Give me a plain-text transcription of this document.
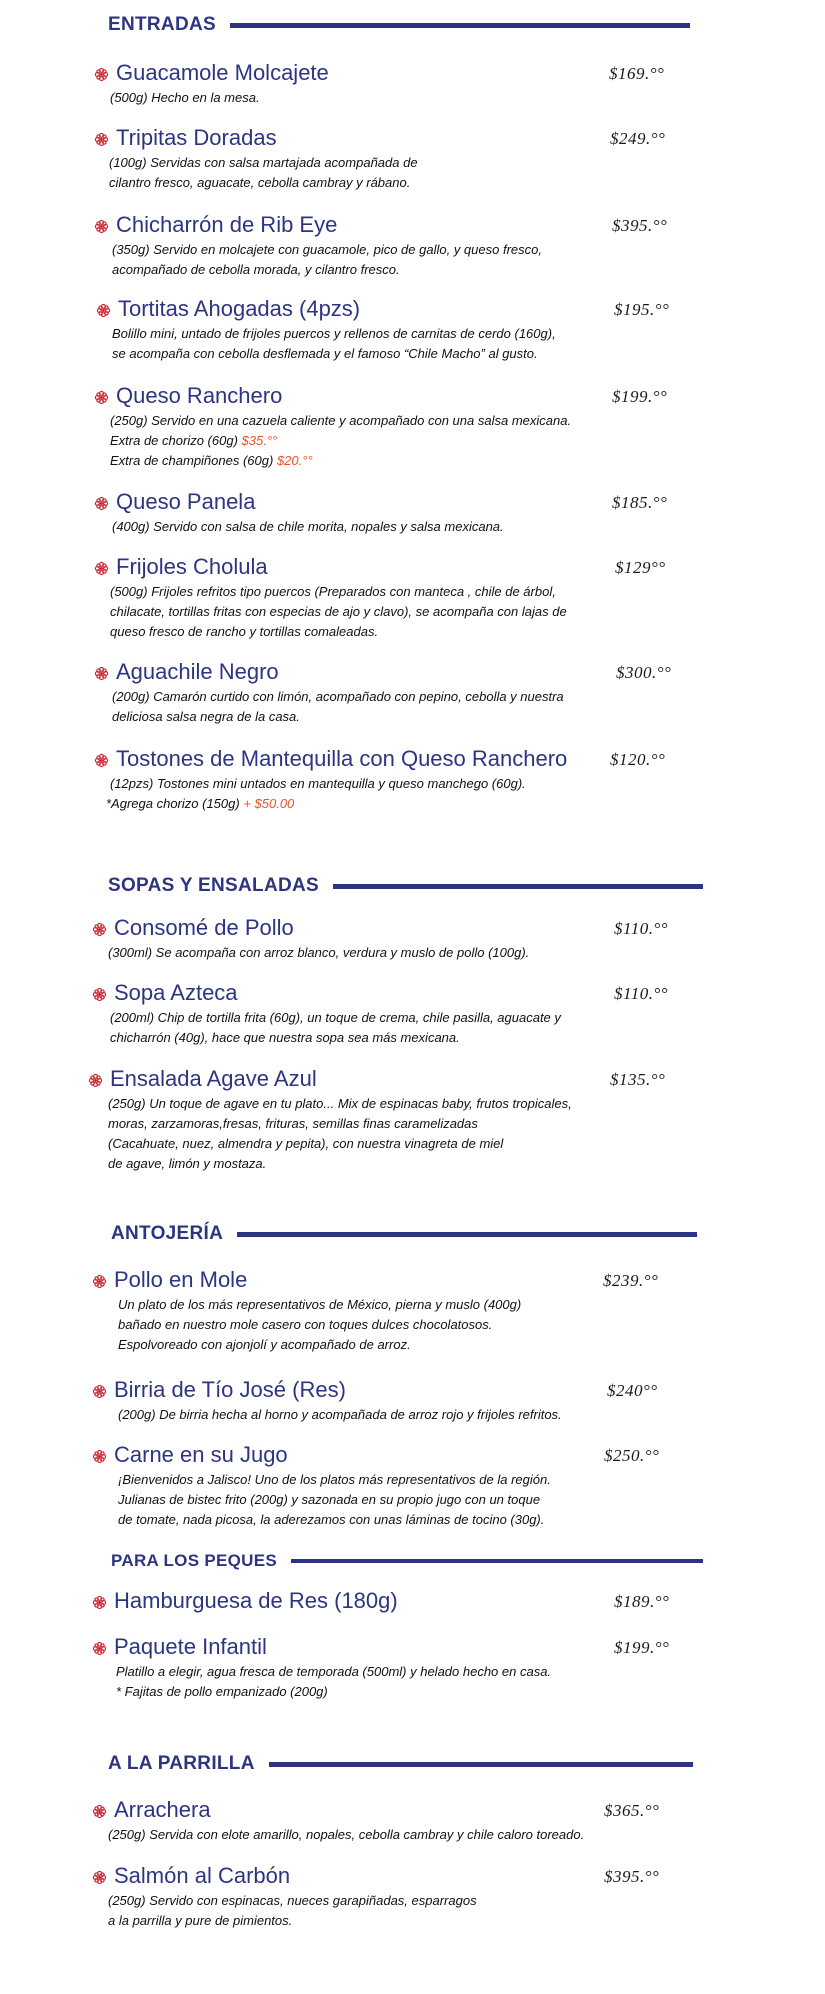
ENTRADAS
Guacamole Molcajete	$169.°°
(500g) Hecho en la mesa.
Tripitas Doradas	$249.°°
(100g) Servidas con salsa martajada acompañada de
cilantro fresco, aguacate, cebolla cambray y rábano.
Chicharrón de Rib Eye	$395.°°
(350g) Servido en molcajete con guacamole, pico de gallo, y queso fresco,
acompañado de cebolla morada, y cilantro fresco.
Tortitas Ahogadas (4pzs)	$195.°°
Bolillo mini, untado de frijoles puercos y rellenos de carnitas de cerdo (160g),
se acompaña con cebolla desflemada y el famoso “Chile Macho” al gusto.
Queso Ranchero	$199.°°
(250g) Servido en una cazuela caliente y acompañado con una salsa mexicana.
Extra de chorizo (60g) $35.°°
Extra de champiñones (60g) $20.°°
Queso Panela	$185.°°
(400g) Servido con salsa de chile morita, nopales y salsa mexicana.
Frijoles Cholula	$129°°
(500g) Frijoles refritos tipo puercos (Preparados con manteca , chile de árbol,
chilacate, tortillas fritas con especias de ajo y clavo), se acompaña con lajas de
queso fresco de rancho y tortillas comaleadas.
Aguachile Negro	$300.°°
(200g) Camarón curtido con limón, acompañado con pepino, cebolla y nuestra
deliciosa salsa negra de la casa.
Tostones de Mantequilla con Queso Ranchero	$120.°°
(12pzs) Tostones mini untados en mantequilla y queso manchego (60g).
*Agrega chorizo (150g) + $50.00
SOPAS Y ENSALADAS
Consomé de Pollo	$110.°°
(300ml) Se acompaña con arroz blanco, verdura y muslo de pollo (100g).
Sopa Azteca	$110.°°
(200ml) Chip de tortilla frita (60g), un toque de crema, chile pasilla, aguacate y
chicharrón (40g), hace que nuestra sopa sea más mexicana.
Ensalada Agave Azul	$135.°°
(250g) Un toque de agave en tu plato... Mix de espinacas baby, frutos tropicales,
moras, zarzamoras,fresas, frituras, semillas finas caramelizadas
(Cacahuate, nuez, almendra y pepita), con nuestra vinagreta de miel
de agave, limón y mostaza.
ANTOJERÍA
Pollo en Mole	$239.°°
Un plato de los más representativos de México, pierna y muslo (400g)
bañado en nuestro mole casero con toques dulces chocolatosos.
Espolvoreado con ajonjolí y acompañado de arroz.
Birria de Tío José (Res)	$240°°
(200g) De birria hecha al horno y acompañada de arroz rojo y frijoles refritos.
Carne en su Jugo	$250.°°
¡Bienvenidos a Jalisco! Uno de los platos más representativos de la región.
Julianas de bistec frito (200g) y sazonada en su propio jugo con un toque
de tomate, nada picosa, la aderezamos con unas láminas de tocino (30g).
PARA LOS PEQUES
Hamburguesa de Res (180g)	$189.°°
Paquete Infantil	$199.°°
Platillo a elegir, agua fresca de temporada (500ml) y helado hecho en casa.
* Fajitas de pollo empanizado (200g)
A LA PARRILLA
Arrachera	$365.°°
(250g) Servida con elote amarillo, nopales, cebolla cambray y chile caloro toreado.
Salmón al Carbón	$395.°°
(250g) Servido con espinacas, nueces garapiñadas, esparragos
a la parrilla y pure de pimientos.
